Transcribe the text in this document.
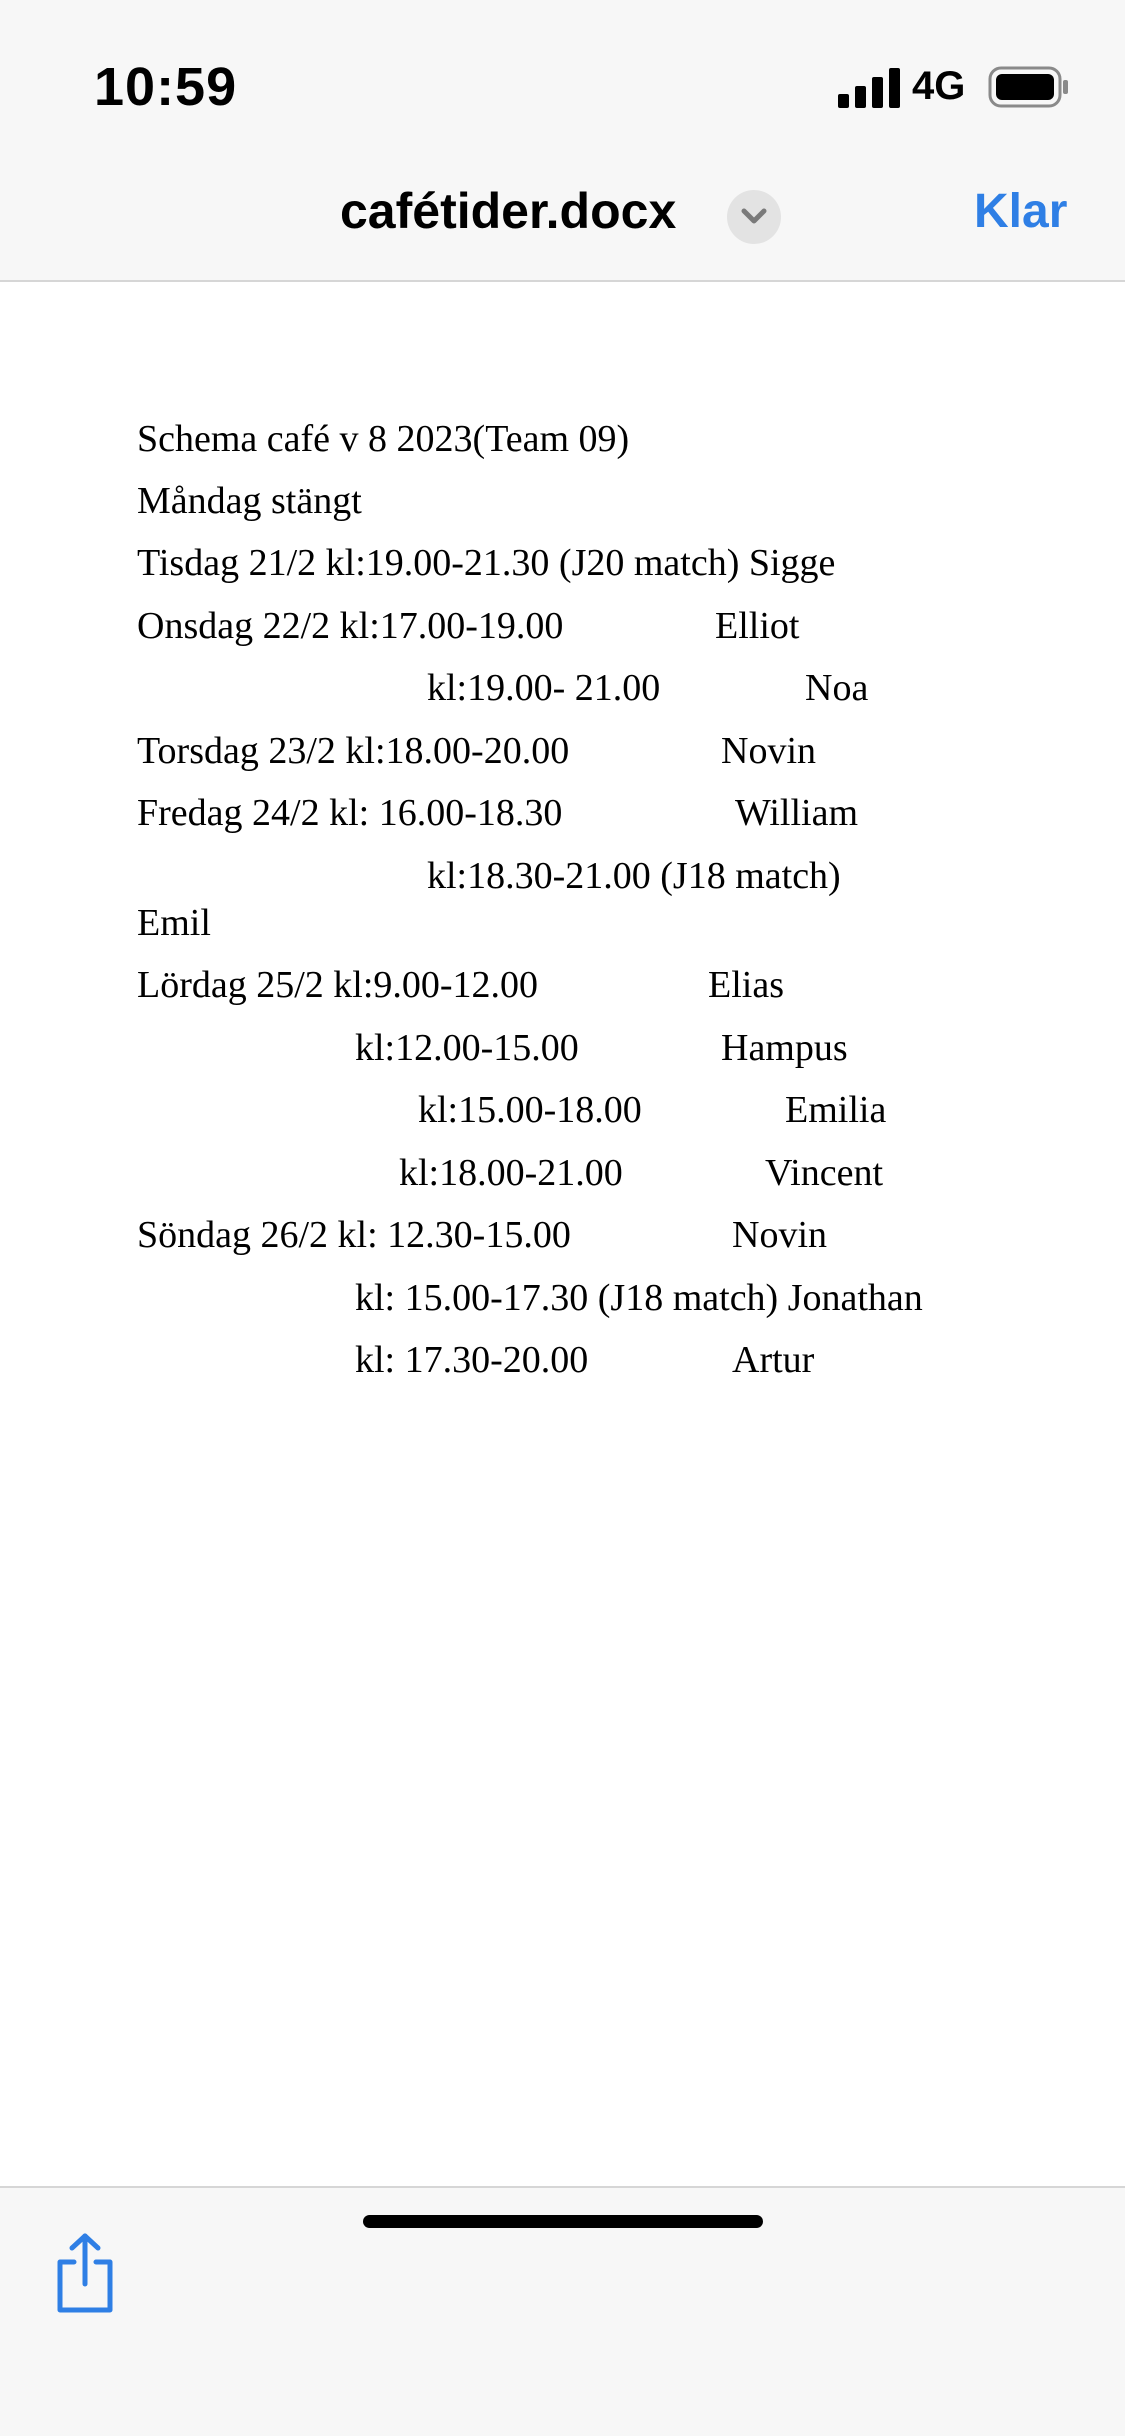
10:59	4G
cafétider.docx	Klar
Schema café v 8 2023(Team 09)
Måndag stängt
Tisdag 21/2 kl:19.00-21.30 (J20 match) Sigge
Onsdag 22/2 kl:17.00-19.00	Elliot
kl:19.00- 21.00	Noa
Torsdag 23/2 kl:18.00-20.00	Novin
Fredag 24/2 kl: 16.00-18.30	William
kl:18.30-21.00 (J18 match)
Emil
Lördag 25/2 kl:9.00-12.00	Elias
kl:12.00-15.00	Hampus
kl:15.00-18.00	Emilia
kl:18.00-21.00	Vincent
Söndag 26/2 kl: 12.30-15.00	Novin
kl: 15.00-17.30 (J18 match) Jonathan
kl: 17.30-20.00	Artur
